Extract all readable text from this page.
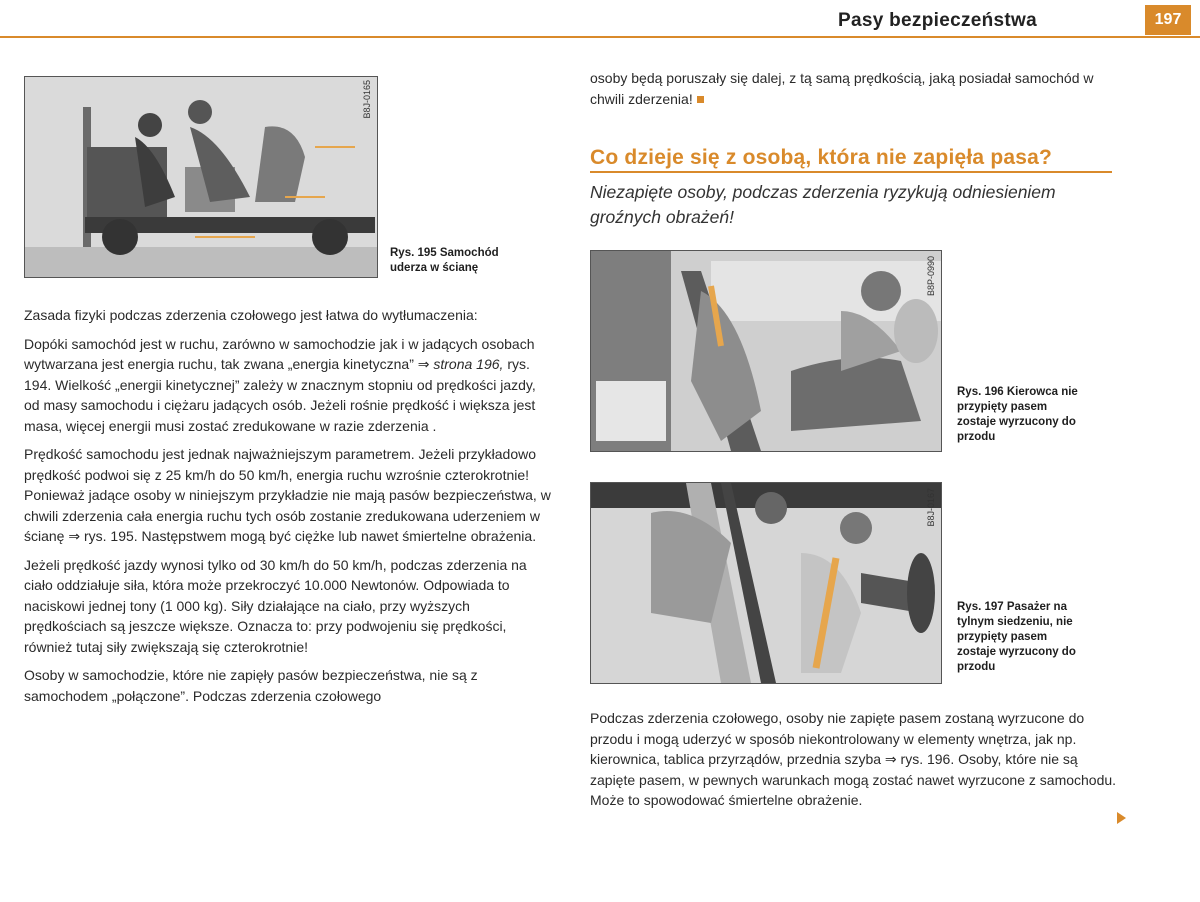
Pasy bezpieczeństwa	197
B8J-0165
Rys. 195 Samochód
uderza w ścianę

Zasada fizyki podczas zderzenia czołowego jest łatwa do wytłumaczenia:

Dopóki samochód jest w ruchu, zarówno w samochodzie jak i w jadących osobach wytwarzana jest energia ruchu, tak zwana „energia kinetyczna” ⇒ strona 196, rys. 194. Wielkość „energii kinetycznej” zależy w znacznym stopniu od prędkości jazdy, od masy samochodu i ciężaru jadących osób. Jeżeli rośnie prędkość i większa jest masa, więcej energii musi zostać zredukowane w razie zderzenia .

Prędkość samochodu jest jednak najważniejszym parametrem. Jeżeli przykładowo prędkość podwoi się z 25 km/h do 50 km/h, energia ruchu wzrośnie czterokrotnie! Ponieważ jadące osoby w niniejszym przykładzie nie mają pasów bezpieczeństwa, w chwili zderzenia cała energia ruchu tych osób zostanie zredukowana uderzeniem w ścianę ⇒ rys. 195. Następstwem mogą być ciężke lub nawet śmiertelne obrażenia.

Jeżeli prędkość jazdy wynosi tylko od 30 km/h do 50 km/h, podczas zderzenia na ciało oddziałuje siła, która może przekroczyć 10.000 Newtonów. Odpowiada to naciskowi jednej tony (1 000 kg). Siły działające na ciało, przy wyższych prędkościach są jeszcze większe. Oznacza to: przy podwojeniu się prędkości, również tutaj siły zwiększają się czterokrotnie!

Osoby w samochodzie, które nie zapięły pasów bezpieczeństwa, nie są z samochodem „połączone”. Podczas zderzenia czołowego

osoby będą poruszały się dalej, z tą samą prędkością, jaką posiadał samochód w chwili zderzenia!

Co dzieje się z osobą, która nie zapięła pasa?
Niezapięte osoby, podczas zderzenia ryzykują odniesieniem groźnych obrażeń!
B8P-0990
Rys. 196 Kierowca nie
przypięty pasem
zostaje wyrzucony do
przodu
B8J-0167
Rys. 197 Pasażer na
tylnym siedzeniu, nie
przypięty pasem
zostaje wyrzucony do
przodu

Podczas zderzenia czołowego, osoby nie zapięte pasem zostaną wyrzucone do przodu i mogą uderzyć w sposób niekontrolowany w elementy wnętrza, jak np. kierownica, tablica przyrządów, przednia szyba ⇒ rys. 196. Osoby, które nie są zapięte pasem, w pewnych warunkach mogą zostać nawet wyrzucone z samochodu. Może to spowodować śmiertelne obrażenie.
